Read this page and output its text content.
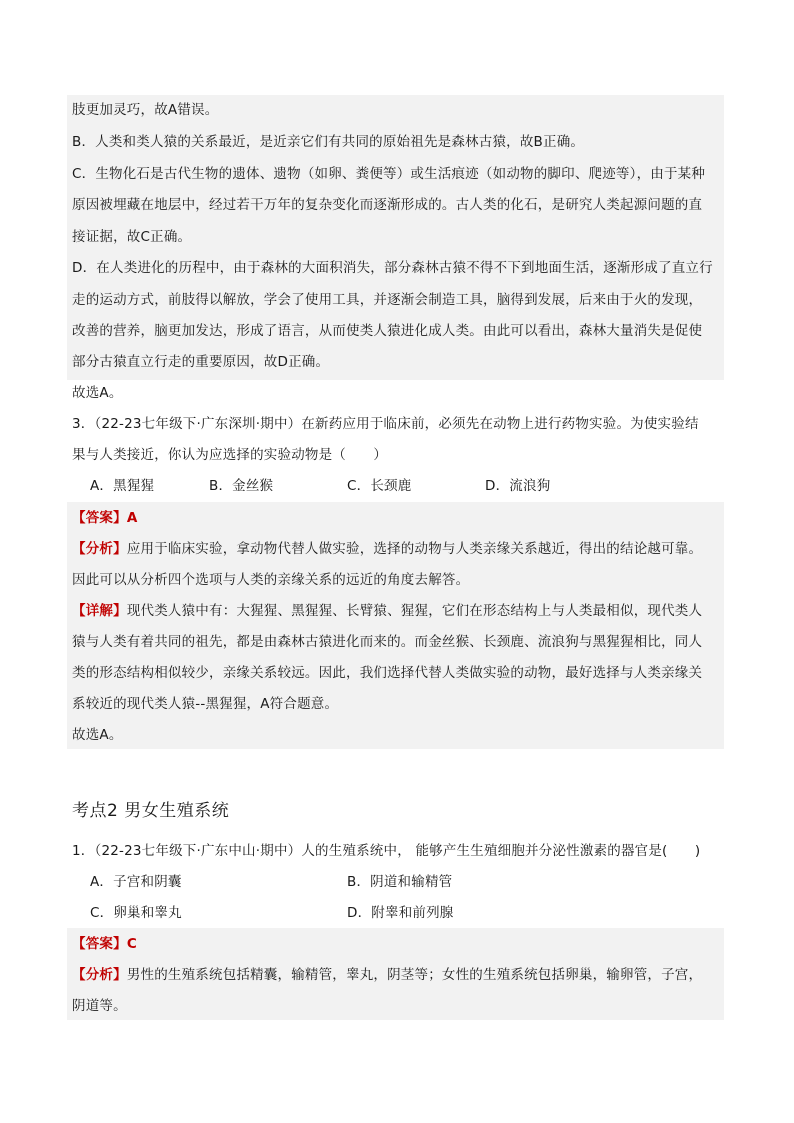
肢更加灵巧，故A错误。
B．人类和类人猿的关系最近，是近亲它们有共同的原始祖先是森林古猿，故B正确。
C．生物化石是古代生物的遗体、遗物（如卵、粪便等）或生活痕迹（如动物的脚印、爬迹等），由于某种
原因被埋藏在地层中，经过若干万年的复杂变化而逐渐形成的。古人类的化石，是研究人类起源问题的直
接证据，故C正确。
D．在人类进化的历程中，由于森林的大面积消失，部分森林古猿不得不下到地面生活，逐渐形成了直立行
走的运动方式，前肢得以解放，学会了使用工具，并逐渐会制造工具，脑得到发展，后来由于火的发现，
改善的营养，脑更加发达，形成了语言，从而使类人猿进化成人类。由此可以看出，森林大量消失是促使
部分古猿直立行走的重要原因，故D正确。
故选A。
3．（22-23七年级下·广东深圳·期中）在新药应用于临床前，必须先在动物上进行药物实验。为使实验结
果与人类接近，你认为应选择的实验动物是（　　）
A．黑猩猩	B．金丝猴	C．长颈鹿	D．流浪狗
【答案】A
【分析】应用于临床实验，拿动物代替人做实验，选择的动物与人类亲缘关系越近，得出的结论越可靠。
因此可以从分析四个选项与人类的亲缘关系的远近的角度去解答。
【详解】现代类人猿中有：大猩猩、黑猩猩、长臂猿、猩猩，它们在形态结构上与人类最相似，现代类人
猿与人类有着共同的祖先，都是由森林古猿进化而来的。而金丝猴、长颈鹿、流浪狗与黑猩猩相比，同人
类的形态结构相似较少，亲缘关系较远。因此，我们选择代替人类做实验的动物，最好选择与人类亲缘关
系较近的现代类人猿--黑猩猩，A符合题意。
故选A。
考点2 男女生殖系统
1．（22-23七年级下·广东中山·期中）人的生殖系统中， 能够产生生殖细胞并分泌性激素的器官是(　　)
A．子宫和阴囊	B．阴道和输精管
C．卵巢和睾丸	D．附睾和前列腺
【答案】C
【分析】男性的生殖系统包括精囊，输精管，睾丸，阴茎等；女性的生殖系统包括卵巢，输卵管，子宫，
阴道等。
